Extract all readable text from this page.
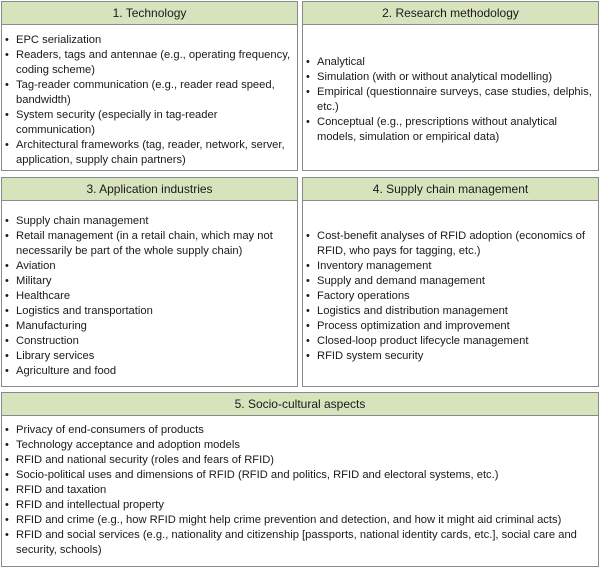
1. Technology
• EPC serialization
• Readers, tags and antennae (e.g., operating frequency, coding scheme)
• Tag-reader communication (e.g., reader read speed, bandwidth)
• System security (especially in tag-reader communication)
• Architectural frameworks (tag, reader, network, server, application, supply chain partners)
2. Research methodology
• Analytical
• Simulation (with or without analytical modelling)
• Empirical (questionnaire surveys, case studies, delphis, etc.)
• Conceptual (e.g., prescriptions without analytical models, simulation or empirical data)
3. Application industries
• Supply chain management
• Retail management (in a retail chain, which may not necessarily be part of the whole supply chain)
• Aviation
• Military
• Healthcare
• Logistics and transportation
• Manufacturing
• Construction
• Library services
• Agriculture and food
4. Supply chain management
• Cost-benefit analyses of RFID adoption (economics of RFID, who pays for tagging, etc.)
• Inventory management
• Supply and demand management
• Factory operations
• Logistics and distribution management
• Process optimization and improvement
• Closed-loop product lifecycle management
• RFID system security
5. Socio-cultural aspects
• Privacy of end-consumers of products
• Technology acceptance and adoption models
• RFID and national security (roles and fears of RFID)
• Socio-political uses and dimensions of RFID (RFID and politics, RFID and electoral systems, etc.)
• RFID and taxation
• RFID and intellectual property
• RFID and crime (e.g., how RFID might help crime prevention and detection, and how it might aid criminal acts)
• RFID and social services (e.g., nationality and citizenship [passports, national identity cards, etc.], social care and security, schools)
